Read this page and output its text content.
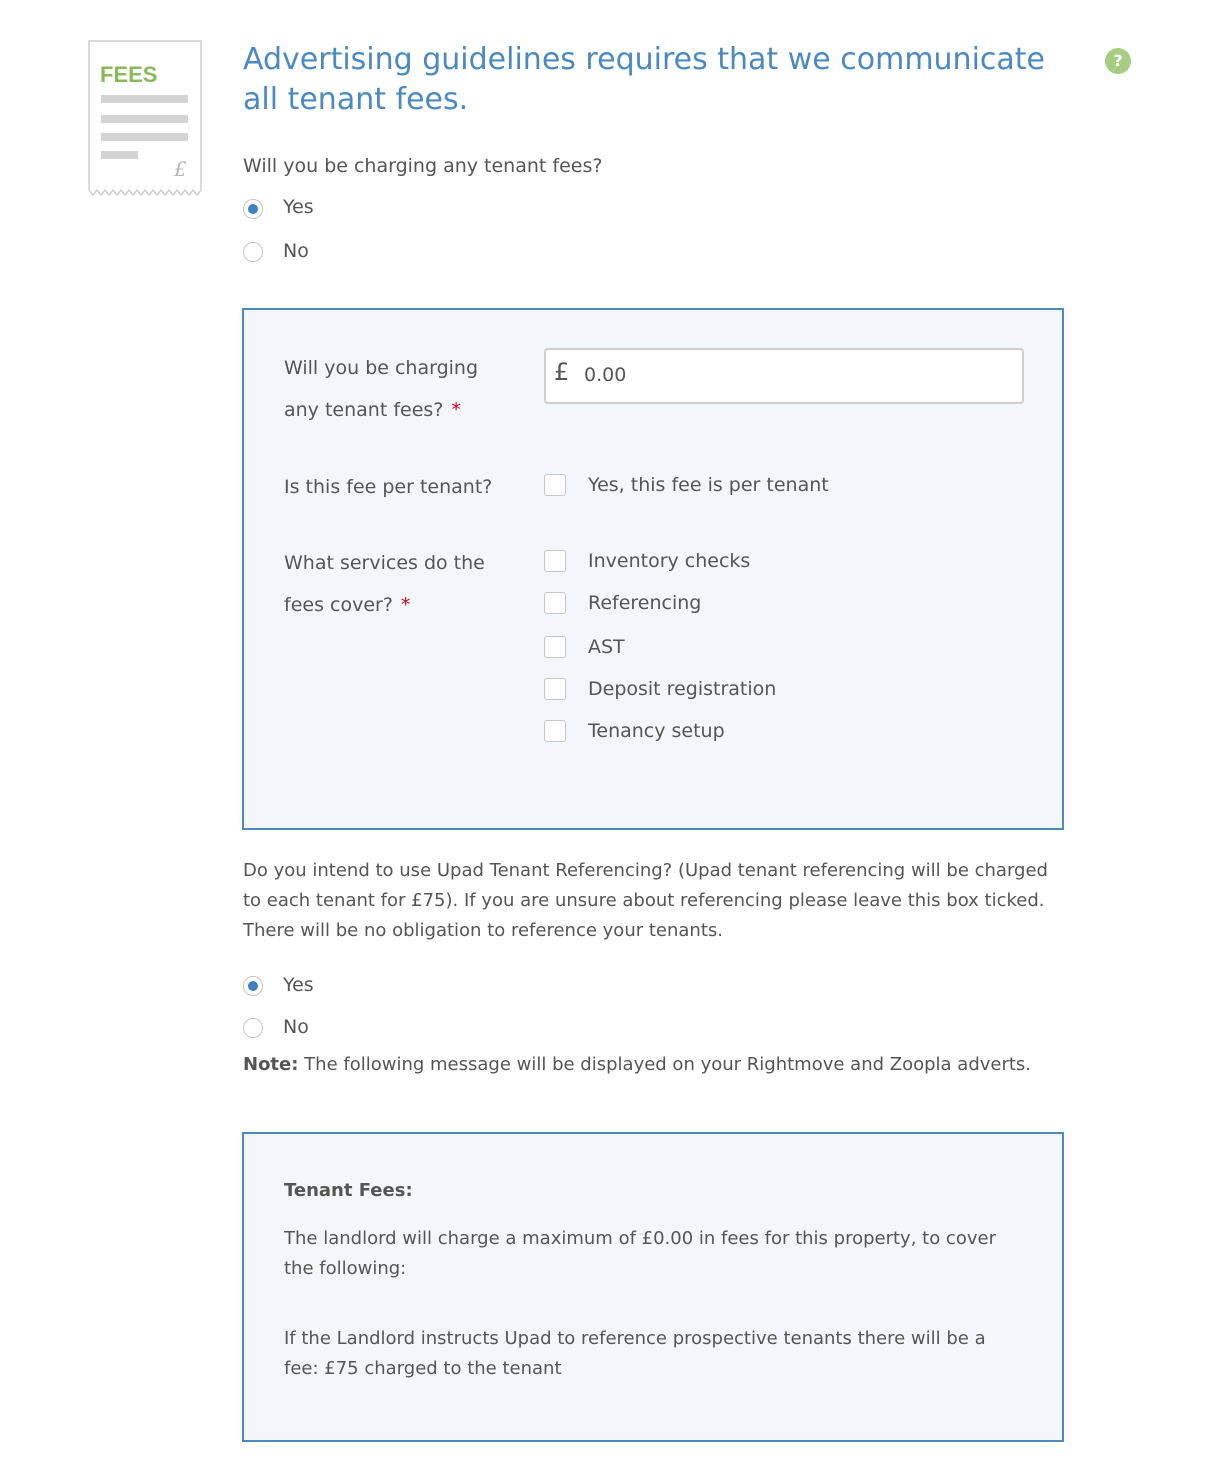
FEES
£
Advertising guidelines requires that we communicate all tenant fees.
?
Will you be charging any tenant fees?
Yes
No
Will you be charging
any tenant fees? *
£
0.00
Is this fee per tenant?	Yes, this fee is per tenant
What services do the
fees cover? *
Inventory checks
Referencing
AST
Deposit registration
Tenancy setup
Do you intend to use Upad Tenant Referencing? (Upad tenant referencing will be charged to each tenant for £75). If you are unsure about referencing please leave this box ticked. There will be no obligation to reference your tenants.
Yes
No
Note: The following message will be displayed on your Rightmove and Zoopla adverts.
Tenant Fees:
The landlord will charge a maximum of £0.00 in fees for this property, to cover the following:
If the Landlord instructs Upad to reference prospective tenants there will be a fee: £75 charged to the tenant
